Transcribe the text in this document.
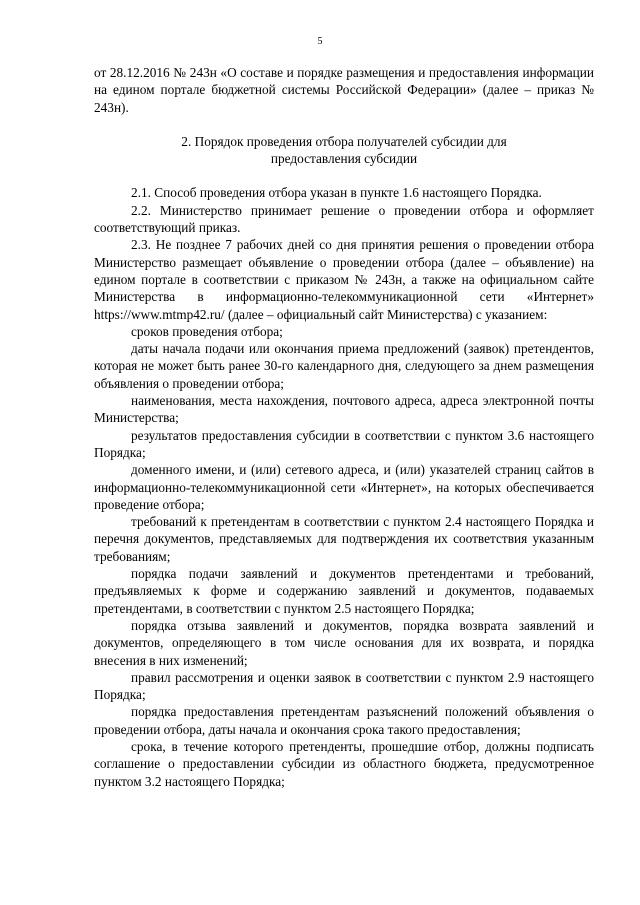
5

от 28.12.2016 № 243н «О составе и порядке размещения и предоставления информации на едином портале бюджетной системы Российской Федерации» (далее – приказ № 243н).

2. Порядок проведения отбора получателей субсидии для
предоставления субсидии

2.1. Способ проведения отбора указан в пункте 1.6 настоящего Порядка.

2.2. Министерство принимает решение о проведении отбора и оформляет соответствующий приказ.

2.3. Не позднее 7 рабочих дней со дня принятия решения о проведении отбора Министерство размещает объявление о проведении отбора (далее – объявление) на едином портале в соответствии с приказом № 243н, а также на официальном сайте Министерства в информационно-телекоммуникационной сети «Интернет» https://www.mtmp42.ru/ (далее – официальный сайт Министерства) с указанием:

сроков проведения отбора;

даты начала подачи или окончания приема предложений (заявок) претендентов, которая не может быть ранее 30-го календарного дня, следующего за днем размещения объявления о проведении отбора;

наименования, места нахождения, почтового адреса, адреса электронной почты Министерства;

результатов предоставления субсидии в соответствии с пунктом 3.6 настоящего Порядка;

доменного имени, и (или) сетевого адреса, и (или) указателей страниц сайтов в информационно-телекоммуникационной сети «Интернет», на которых обеспечивается проведение отбора;

требований к претендентам в соответствии с пунктом 2.4 настоящего Порядка и перечня документов, представляемых для подтверждения их соответствия указанным требованиям;

порядка подачи заявлений и документов претендентами и требований, предъявляемых к форме и содержанию заявлений и документов, подаваемых претендентами, в соответствии с пунктом 2.5 настоящего Порядка;

порядка отзыва заявлений и документов, порядка возврата заявлений и документов, определяющего в том числе основания для их возврата, и порядка внесения в них изменений;

правил рассмотрения и оценки заявок в соответствии с пунктом 2.9 настоящего Порядка;

порядка предоставления претендентам разъяснений положений объявления о проведении отбора, даты начала и окончания срока такого предоставления;

срока, в течение которого претенденты, прошедшие отбор, должны подписать соглашение о предоставлении субсидии из областного бюджета, предусмотренное пунктом 3.2 настоящего Порядка;
